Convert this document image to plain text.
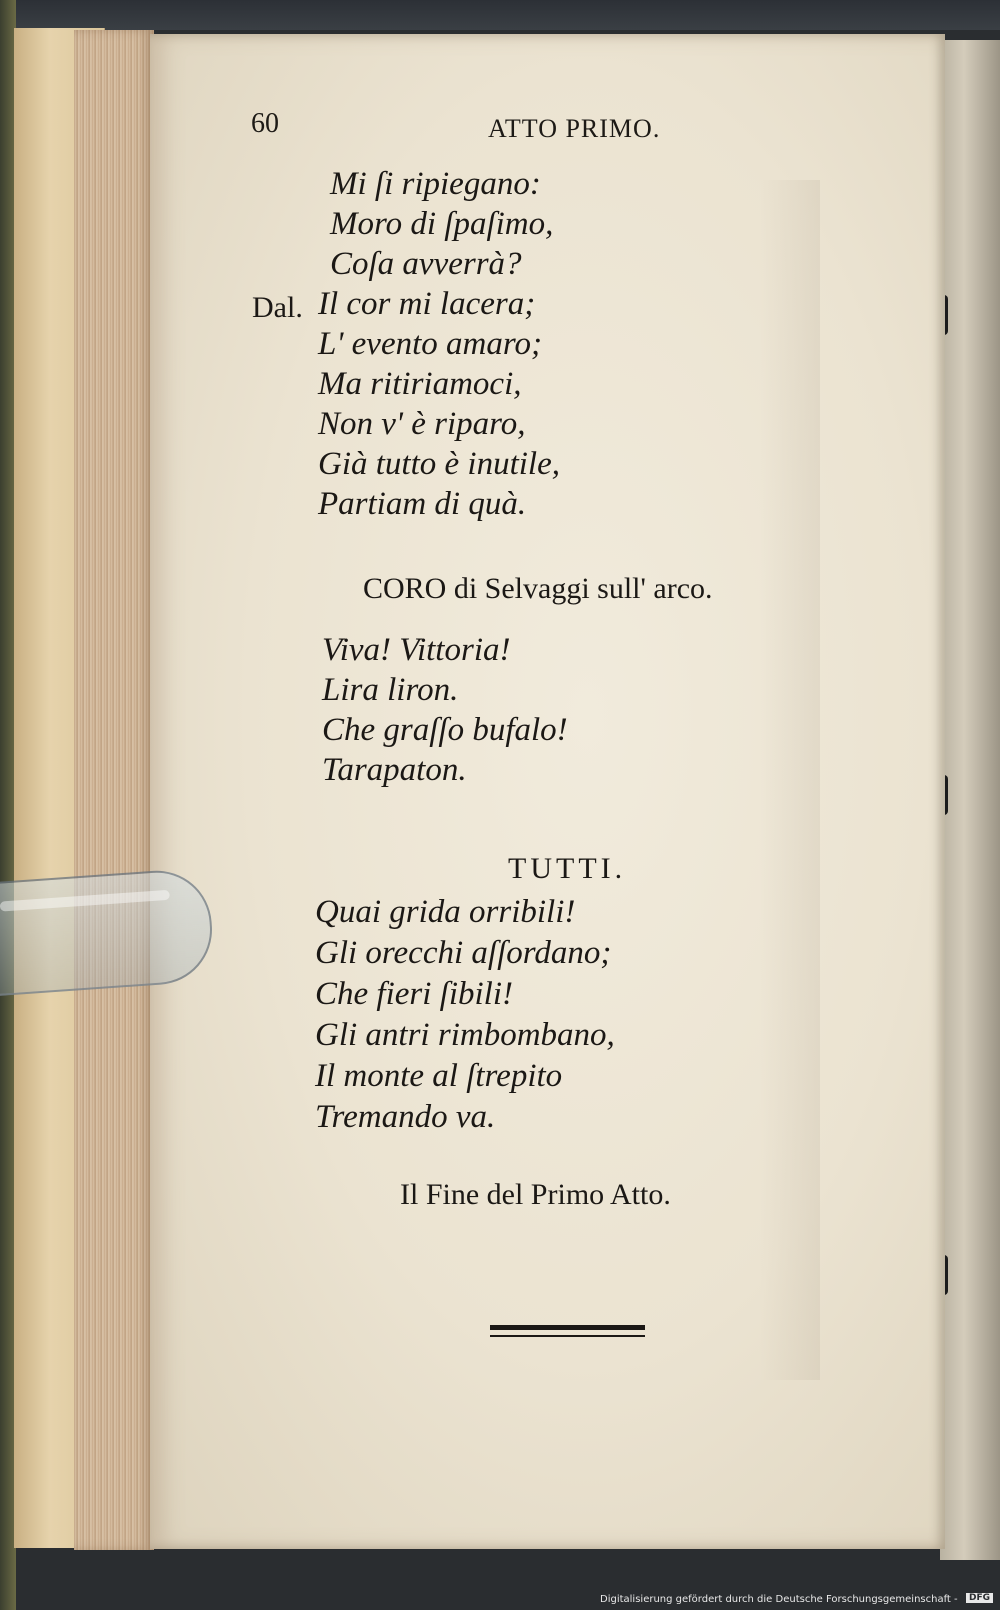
60	ATTO PRIMO.
Mi ſi ripiegano:
Moro di ſpaſimo,
Coſa avverrà?
Dal. Il cor mi lacera;
L' evento amaro;
Ma ritiriamoci,
Non v' è riparo,
Già tutto è inutile,
Partiam di quà.
CORO di Selvaggi sull' arco.
Viva! Vittoria!
Lira liron.
Che graſſo bufalo!
Tarapaton.
TUTTI.
Quai grida orribili!
Gli orecchi aſſordano;
Che fieri ſibili!
Gli antri rimbombano,
Il monte al ſtrepito
Tremando va.
Il Fine del Primo Atto.
Digitalisierung gefördert durch die Deutsche Forschungsgemeinschaft -	DFG
